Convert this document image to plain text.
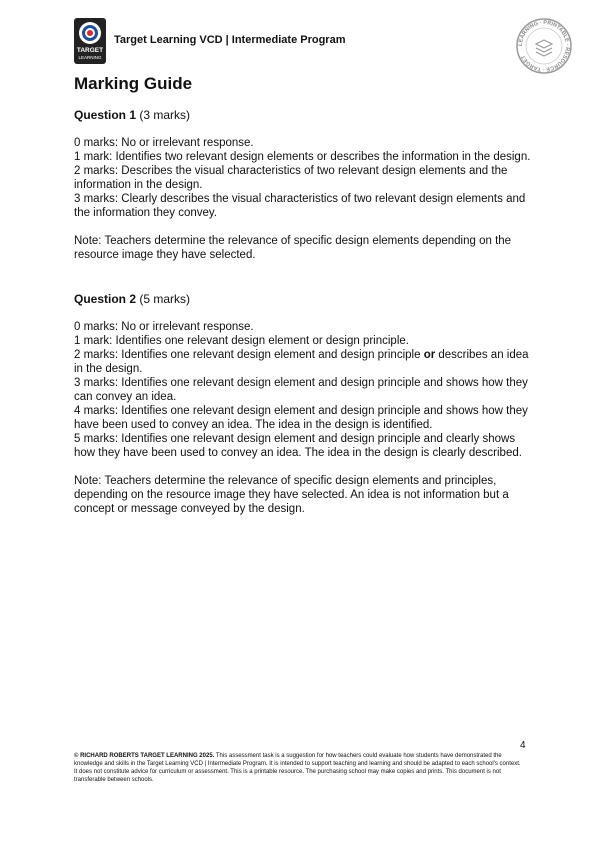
TARGET
LEARNING
Target Learning VCD | Intermediate Program	LEARNING · PRINTABLE · RESOURCE · TARGET
Marking Guide
Question 1 (3 marks)

0 marks: No or irrelevant response.

1 mark: Identifies two relevant design elements or describes the information in the design.

2 marks: Describes the visual characteristics of two relevant design elements and the information in the design.

3 marks: Clearly describes the visual characteristics of two relevant design elements and the information they convey.

Note: Teachers determine the relevance of specific design elements depending on the resource image they have selected.

Question 2 (5 marks)

0 marks: No or irrelevant response.

1 mark: Identifies one relevant design element or design principle.

2 marks: Identifies one relevant design element and design principle or describes an idea in the design.

3 marks: Identifies one relevant design element and design principle and shows how they can convey an idea.

4 marks: Identifies one relevant design element and design principle and shows how they have been used to convey an idea. The idea in the design is identified.

5 marks: Identifies one relevant design element and design principle and clearly shows how they have been used to convey an idea. The idea in the design is clearly described.

Note: Teachers determine the relevance of specific design elements and principles, depending on the resource image they have selected. An idea is not information but a concept or message conveyed by the design.

4
© RICHARD ROBERTS TARGET LEARNING 2025. This assessment task is a suggestion for how teachers could evaluate how students have demonstrated the knowledge and skills in the Target Learning VCD | Intermediate Program. It is intended to support teaching and learning and should be adapted to each school's context. It does not constitute advice for curriculum or assessment. This is a printable resource. The purchasing school may make copies and prints. This document is not transferable between schools.
